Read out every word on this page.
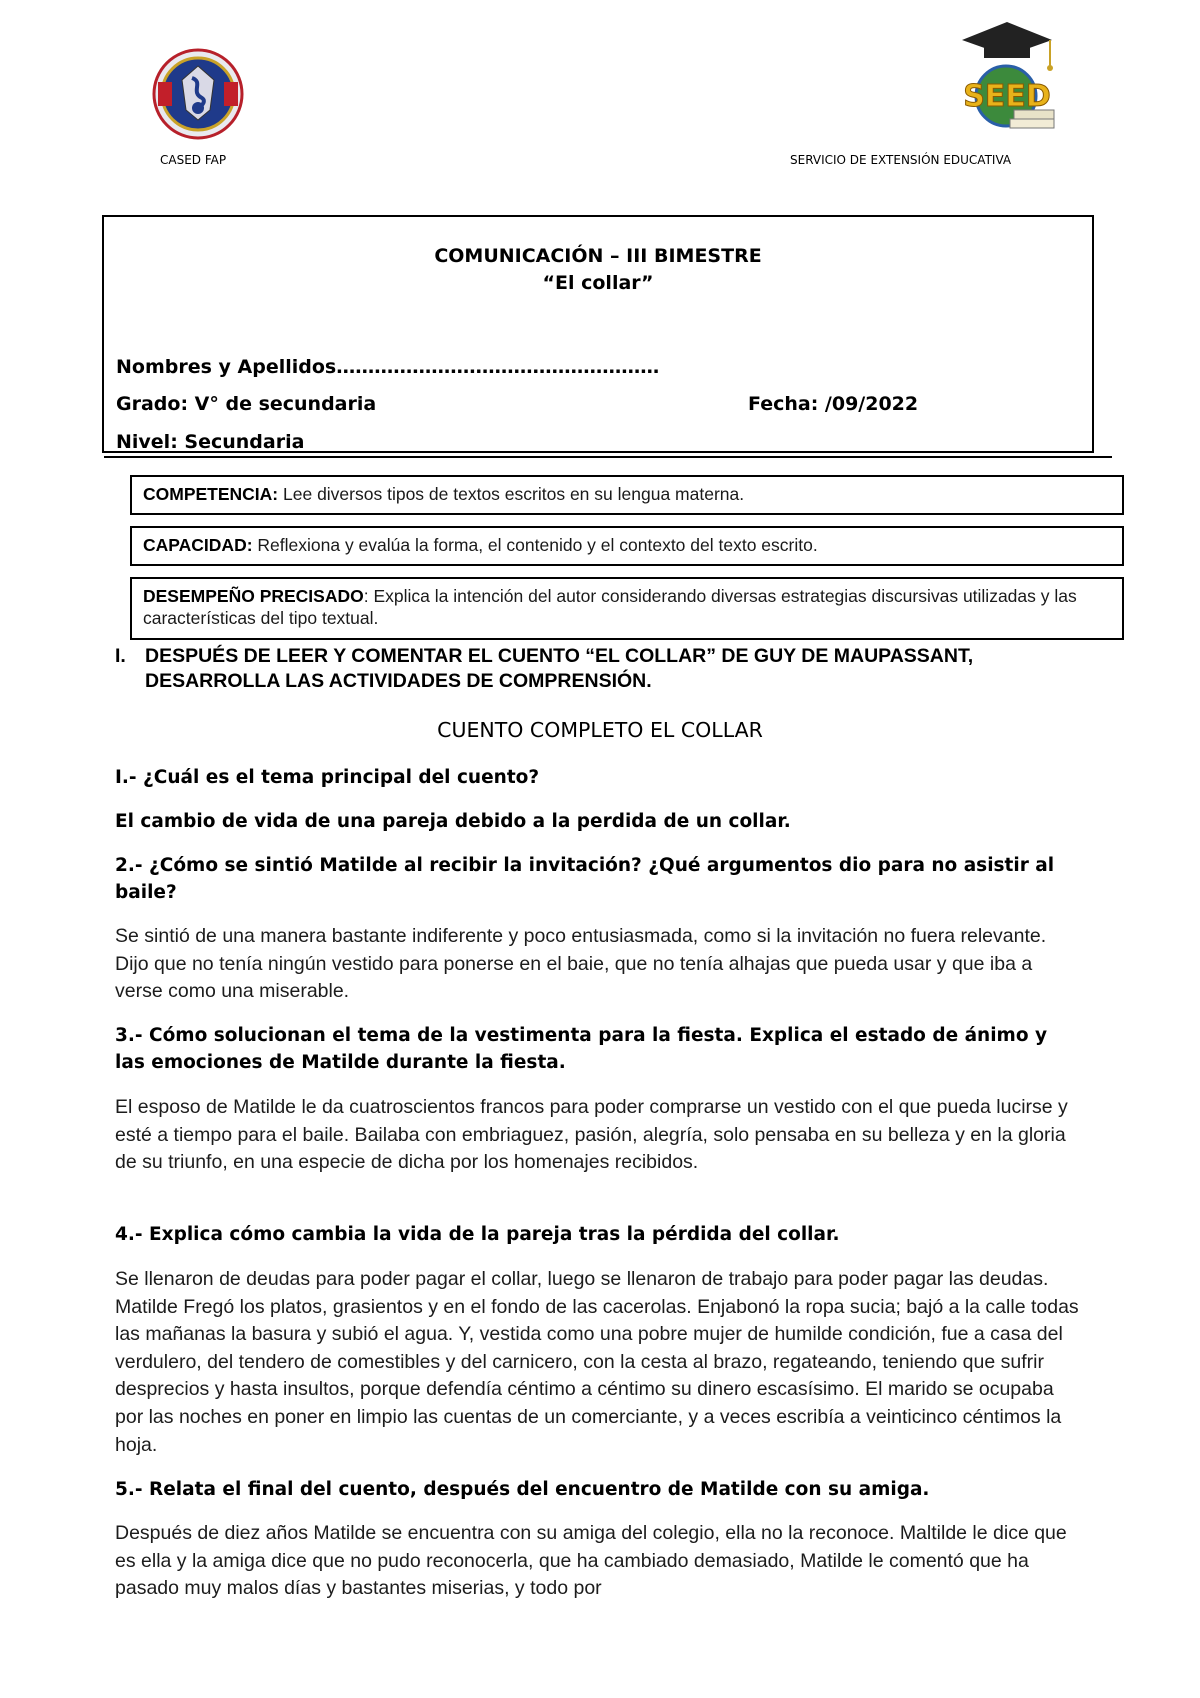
SEED
CASED FAP	SERVICIO DE EXTENSIÓN EDUCATIVA
COMUNICACIÓN – III BIMESTRE
“El collar”
Nombres y Apellidos……………………………………………
Grado: V° de secundaria	Fecha: /09/2022
Nivel: Secundaria
COMPETENCIA: Lee diversos tipos de textos escritos en su lengua materna.
CAPACIDAD: Reflexiona y evalúa la forma, el contenido y el contexto del texto escrito.
DESEMPEÑO PRECISADO: Explica la intención del autor considerando diversas estrategias discursivas utilizadas y las características del tipo textual.
I. DESPUÉS DE LEER Y COMENTAR EL CUENTO “EL COLLAR” DE GUY DE MAUPASSANT, DESARROLLA LAS ACTIVIDADES DE COMPRENSIÓN.
CUENTO COMPLETO EL COLLAR
I.- ¿Cuál es el tema principal del cuento?
El cambio de vida de una pareja debido a la perdida de un collar.
2.- ¿Cómo se sintió Matilde al recibir la invitación? ¿Qué argumentos dio para no asistir al baile?
Se sintió de una manera bastante indiferente y poco entusiasmada, como si la invitación no fuera relevante. Dijo que no tenía ningún vestido para ponerse en el baie, que no tenía alhajas que pueda usar y que iba a verse como una miserable.
3.- Cómo solucionan el tema de la vestimenta para la fiesta. Explica el estado de ánimo y las emociones de Matilde durante la fiesta.
El esposo de Matilde le da cuatroscientos francos para poder comprarse un vestido con el que pueda lucirse y esté a tiempo para el baile. Bailaba con embriaguez, pasión, alegría, solo pensaba en su belleza y en la gloria de su triunfo, en una especie de dicha por los homenajes recibidos.
4.- Explica cómo cambia la vida de la pareja tras la pérdida del collar.
Se llenaron de deudas para poder pagar el collar, luego se llenaron de trabajo para poder pagar las deudas. Matilde Fregó los platos, grasientos y en el fondo de las cacerolas. Enjabonó la ropa sucia; bajó a la calle todas las mañanas la basura y subió el agua. Y, vestida como una pobre mujer de humilde condición, fue a casa del verdulero, del tendero de comestibles y del carnicero, con la cesta al brazo, regateando, teniendo que sufrir desprecios y hasta insultos, porque defendía céntimo a céntimo su dinero escasísimo. El marido se ocupaba por las noches en poner en limpio las cuentas de un comerciante, y a veces escribía a veinticinco céntimos la hoja.
5.- Relata el final del cuento, después del encuentro de Matilde con su amiga.
Después de diez años Matilde se encuentra con su amiga del colegio, ella no la reconoce. Maltilde le dice que es ella y la amiga dice que no pudo reconocerla, que ha cambiado demasiado, Matilde le comentó que ha pasado muy malos días y bastantes miserias, y todo por
